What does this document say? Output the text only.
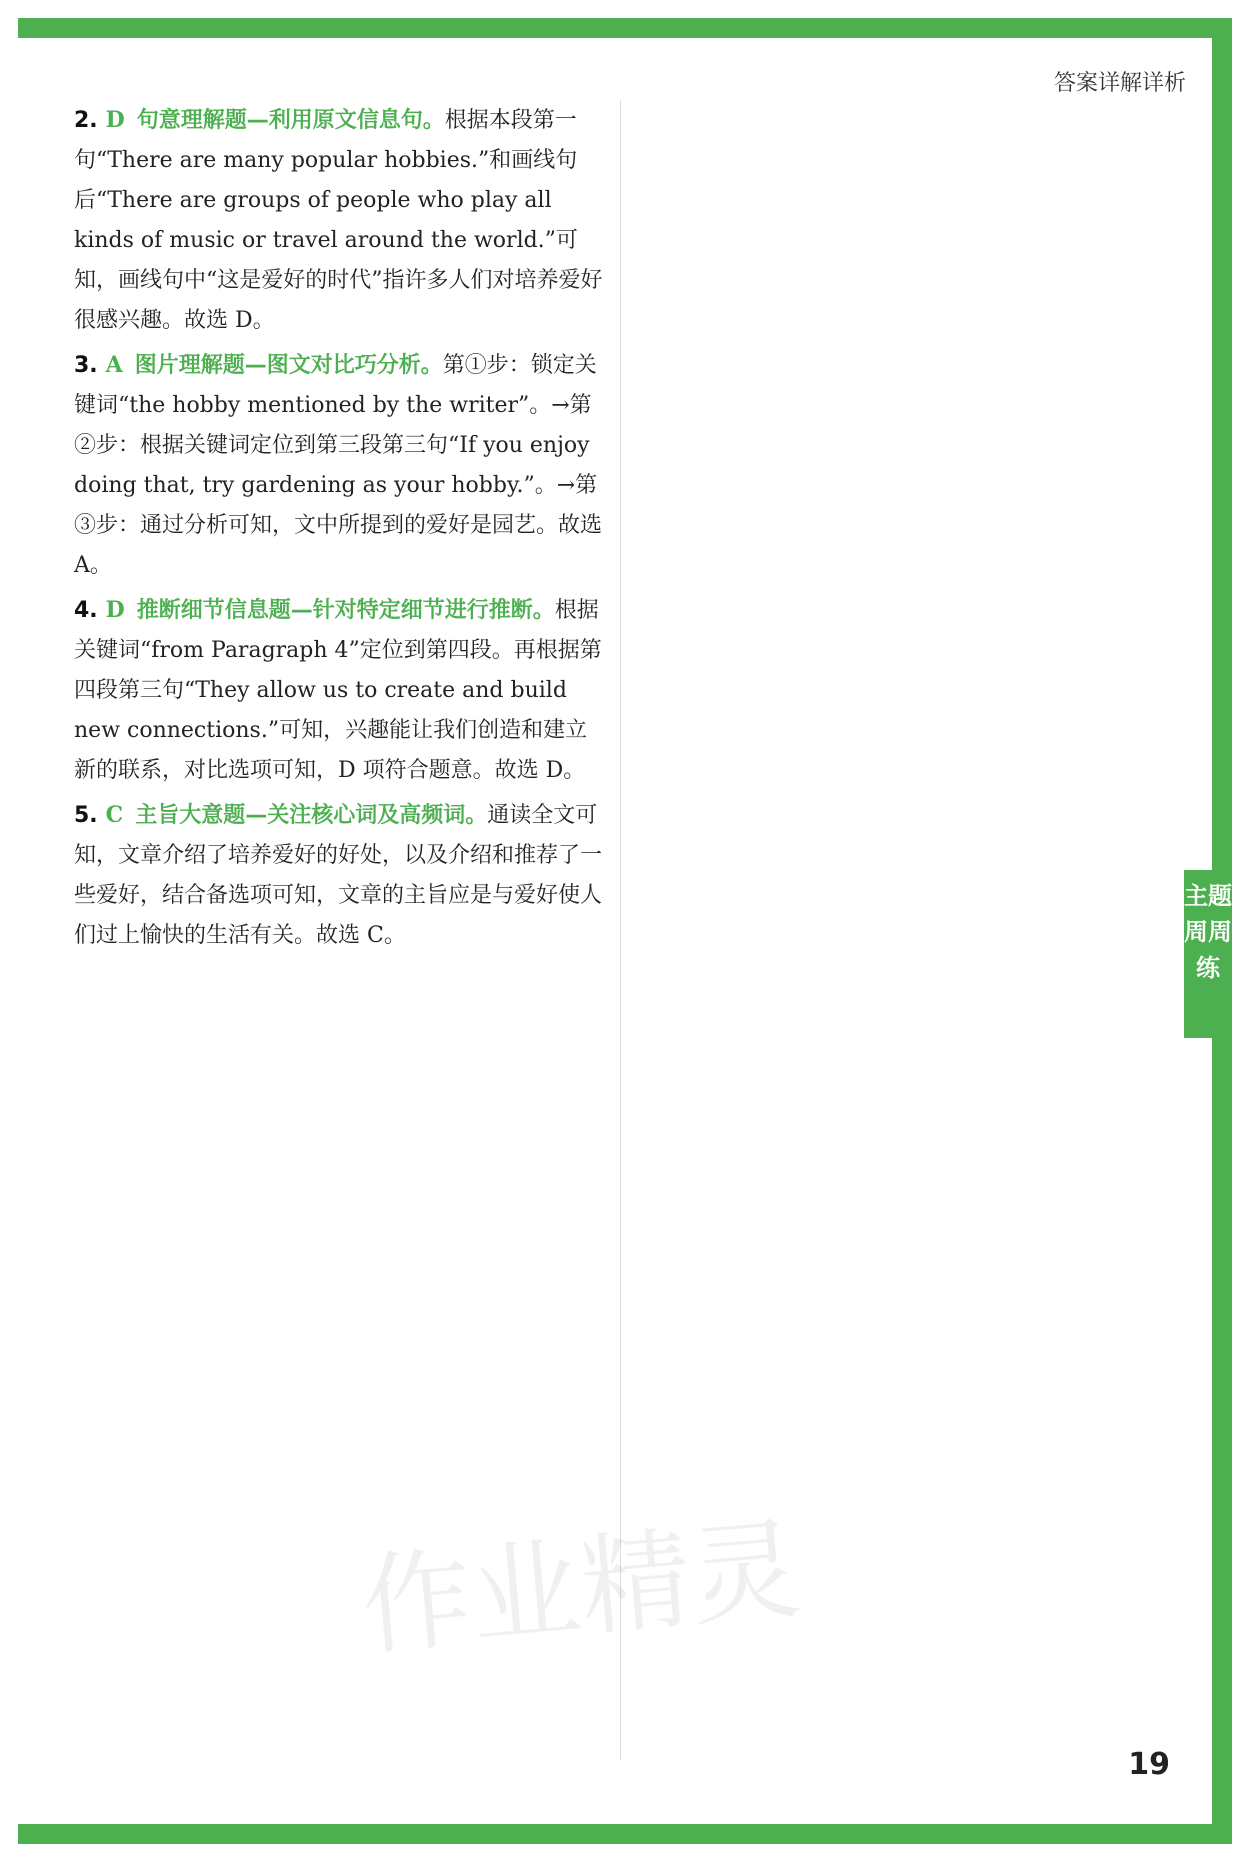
答案详解详析
2. D 句意理解题—利用原文信息句。根据本段第一句“There are many popular hobbies.”和画线句后“There are groups of people who play all kinds of music or travel around the world.”可知，画线句中“这是爱好的时代”指许多人们对培养爱好很感兴趣。故选 D。
3. A 图片理解题—图文对比巧分析。第①步：锁定关键词“the hobby mentioned by the writer”。→第②步：根据关键词定位到第三段第三句“If you enjoy doing that, try gardening as your hobby.”。→第③步：通过分析可知，文中所提到的爱好是园艺。故选 A。
4. D 推断细节信息题—针对特定细节进行推断。根据关键词“from Paragraph 4”定位到第四段。再根据第四段第三句“They allow us to create and build new connections.”可知，兴趣能让我们创造和建立新的联系，对比选项可知，D 项符合题意。故选 D。
5. C 主旨大意题—关注核心词及高频词。通读全文可知，文章介绍了培养爱好的好处，以及介绍和推荐了一些爱好，结合备选项可知，文章的主旨应是与爱好使人们过上愉快的生活有关。故选 C。
主题周周练
19
作业精灵
